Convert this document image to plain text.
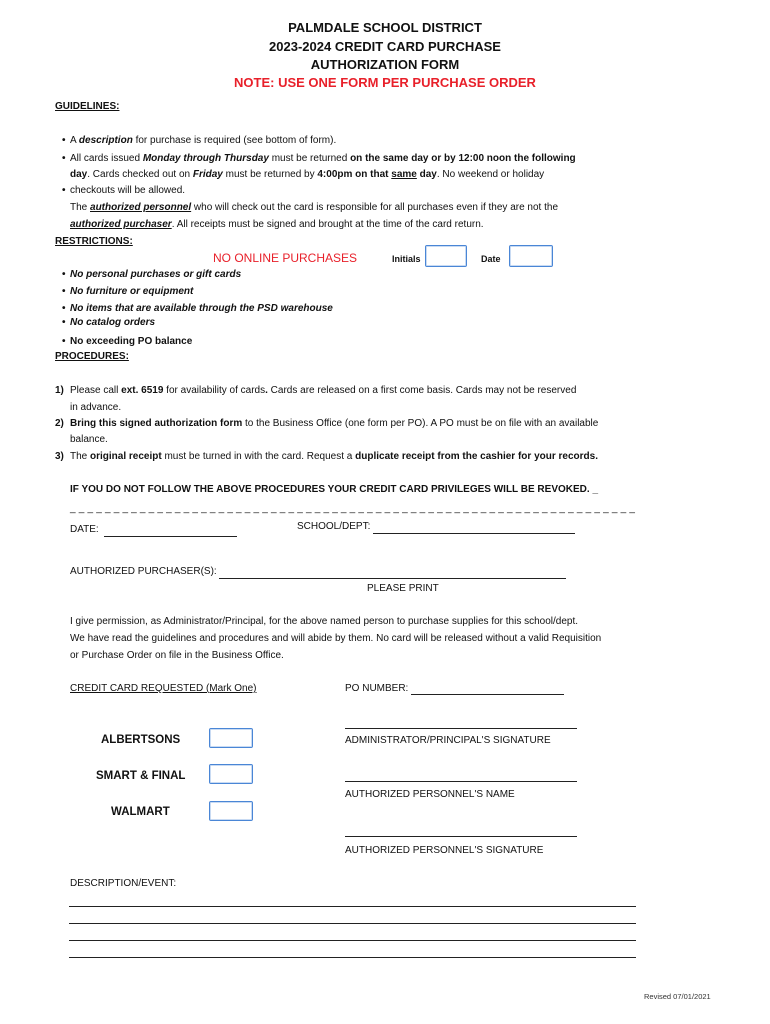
PALMDALE SCHOOL DISTRICT
2023-2024 CREDIT CARD PURCHASE
AUTHORIZATION FORM
NOTE: USE ONE FORM PER PURCHASE ORDER
GUIDELINES:
• A description for purchase is required (see bottom of form).
• All cards issued Monday through Thursday must be returned on the same day or by 12:00 noon the following
day. Cards checked out on Friday must be returned by 4:00pm on that same day. No weekend or holiday
• checkouts will be allowed.
The authorized personnel who will check out the card is responsible for all purchases even if they are not the
authorized purchaser. All receipts must be signed and brought at the time of the card return.
RESTRICTIONS:
NO ONLINE PURCHASES	Initials	Date
• No personal purchases or gift cards
• No furniture or equipment
• No items that are available through the PSD warehouse
• No catalog orders
• No exceeding PO balance
PROCEDURES:
1) Please call ext. 6519 for availability of cards. Cards are released on a first come basis. Cards may not be reserved
in advance.
2) Bring this signed authorization form to the Business Office (one form per PO). A PO must be on file with an available
balance.
3) The original receipt must be turned in with the card. Request a duplicate receipt from the cashier for your records.
IF YOU DO NOT FOLLOW THE ABOVE PROCEDURES YOUR CREDIT CARD PRIVILEGES WILL BE REVOKED. _
_ _ _ _ _ _ _ _ _ _ _ _ _ _ _ _ _ _ _ _ _ _ _ _ _ _ _ _ _ _ _ _ _ _ _ _ _ _ _ _ _ _ _ _ _ _ _ _ _ _ _ _ _ _ _ _ _ _ _ _ _ _ _ _ _
DATE:	SCHOOL/DEPT:
AUTHORIZED PURCHASER(S):
PLEASE PRINT
I give permission, as Administrator/Principal, for the above named person to purchase supplies for this school/dept.
We have read the guidelines and procedures and will abide by them. No card will be released without a valid Requisition
or Purchase Order on file in the Business Office.
CREDIT CARD REQUESTED (Mark One)
ALBERTSONS
SMART & FINAL
WALMART
PO NUMBER:
ADMINISTRATOR/PRINCIPAL'S SIGNATURE
AUTHORIZED PERSONNEL'S NAME
AUTHORIZED PERSONNEL'S SIGNATURE
DESCRIPTION/EVENT:
Revised 07/01/2021
